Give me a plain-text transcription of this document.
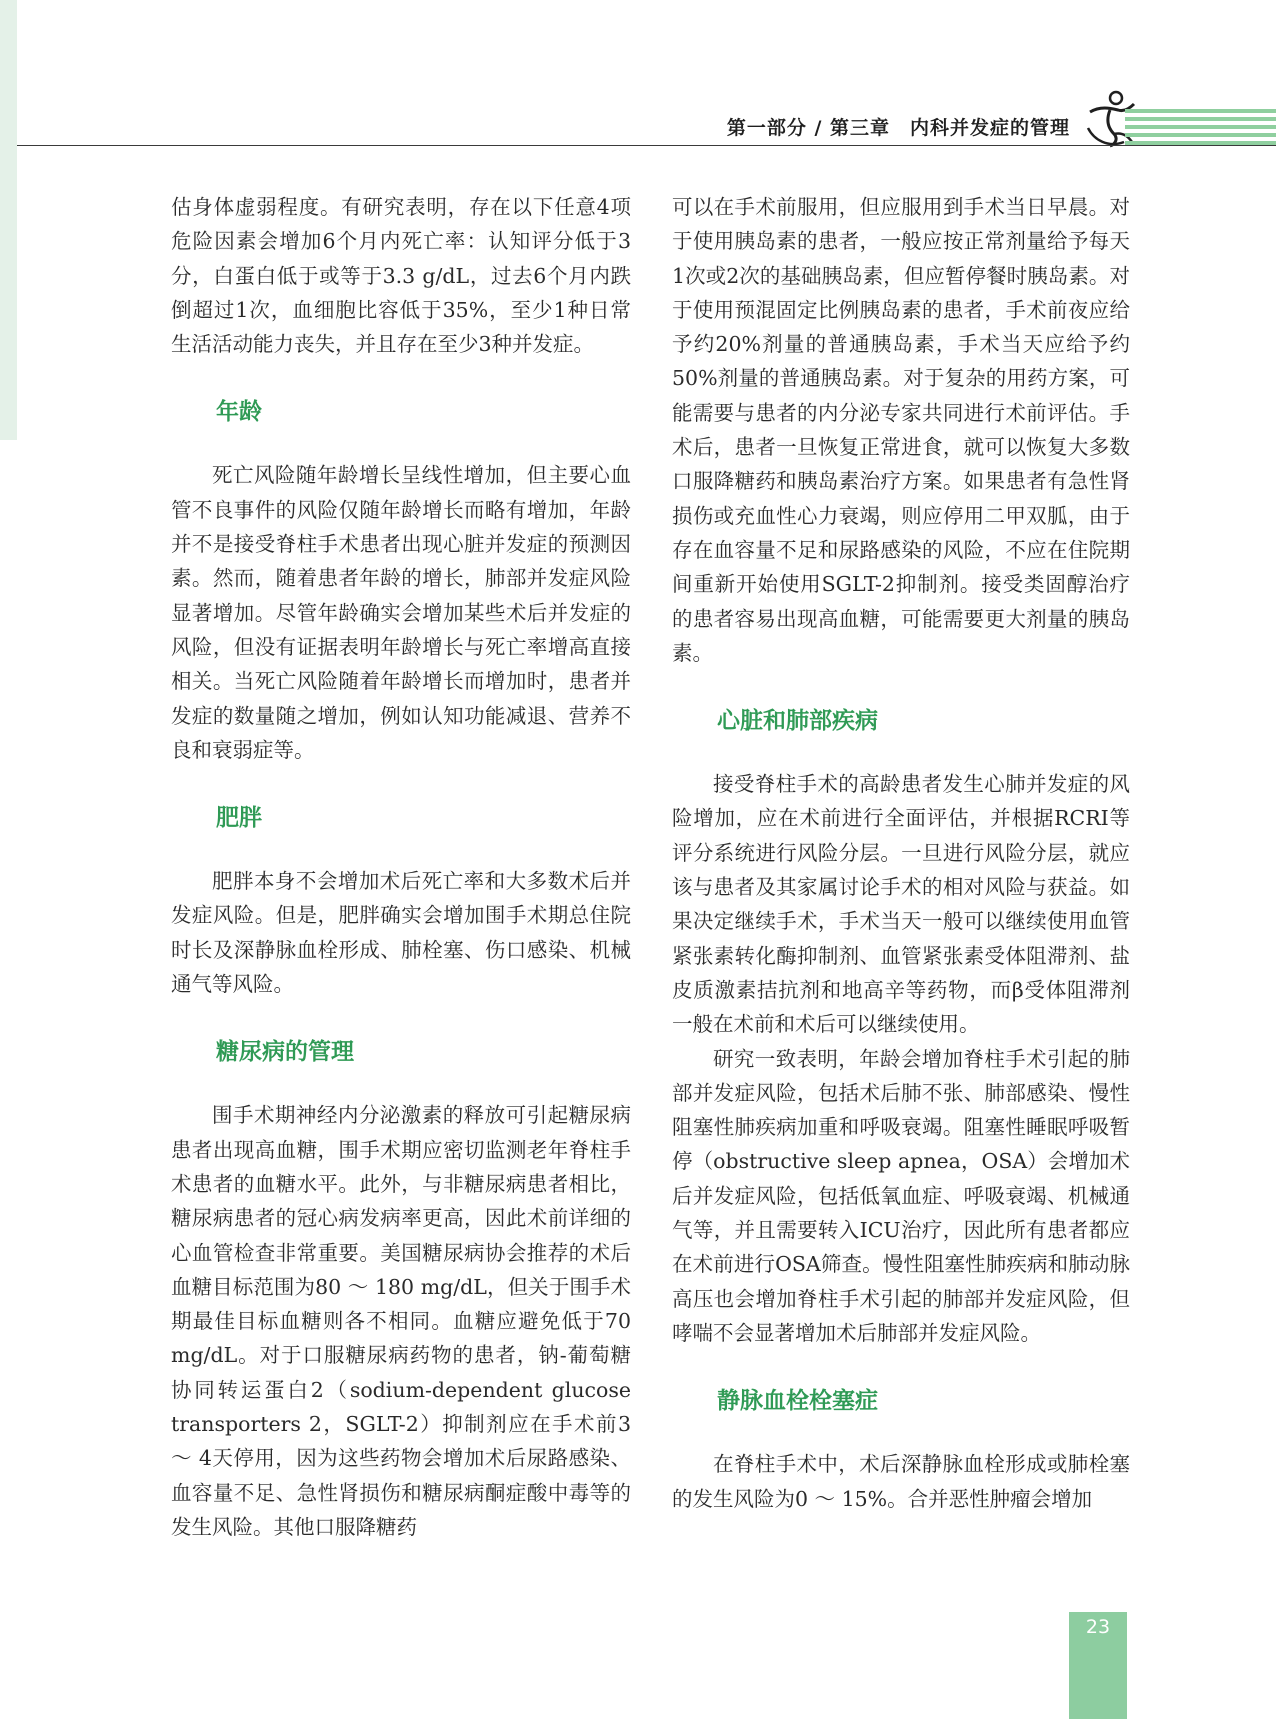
第一部分 / 第三章　内科并发症的管理

估身体虚弱程度。有研究表明，存在以下任意4项危险因素会增加6个月内死亡率：认知评分低于3分，白蛋白低于或等于3.3 g/dL，过去6个月内跌倒超过1次，血细胞比容低于35%，至少1种日常生活活动能力丧失，并且存在至少3种并发症。

年龄

死亡风险随年龄增长呈线性增加，但主要心血管不良事件的风险仅随年龄增长而略有增加，年龄并不是接受脊柱手术患者出现心脏并发症的预测因素。然而，随着患者年龄的增长，肺部并发症风险显著增加。尽管年龄确实会增加某些术后并发症的风险，但没有证据表明年龄增长与死亡率增高直接相关。当死亡风险随着年龄增长而增加时，患者并发症的数量随之增加，例如认知功能减退、营养不良和衰弱症等。

肥胖

肥胖本身不会增加术后死亡率和大多数术后并发症风险。但是，肥胖确实会增加围手术期总住院时长及深静脉血栓形成、肺栓塞、伤口感染、机械通气等风险。

糖尿病的管理

围手术期神经内分泌激素的释放可引起糖尿病患者出现高血糖，围手术期应密切监测老年脊柱手术患者的血糖水平。此外，与非糖尿病患者相比，糖尿病患者的冠心病发病率更高，因此术前详细的心血管检查非常重要。美国糖尿病协会推荐的术后血糖目标范围为80 ～ 180 mg/dL，但关于围手术期最佳目标血糖则各不相同。血糖应避免低于70 mg/dL。对于口服糖尿病药物的患者，钠-葡萄糖协同转运蛋白2（sodium-dependent glucose transporters 2，SGLT-2）抑制剂应在手术前3 ～ 4天停用，因为这些药物会增加术后尿路感染、血容量不足、急性肾损伤和糖尿病酮症酸中毒等的发生风险。其他口服降糖药

可以在手术前服用，但应服用到手术当日早晨。对于使用胰岛素的患者，一般应按正常剂量给予每天1次或2次的基础胰岛素，但应暂停餐时胰岛素。对于使用预混固定比例胰岛素的患者，手术前夜应给予约20%剂量的普通胰岛素，手术当天应给予约50%剂量的普通胰岛素。对于复杂的用药方案，可能需要与患者的内分泌专家共同进行术前评估。手术后，患者一旦恢复正常进食，就可以恢复大多数口服降糖药和胰岛素治疗方案。如果患者有急性肾损伤或充血性心力衰竭，则应停用二甲双胍，由于存在血容量不足和尿路感染的风险，不应在住院期间重新开始使用SGLT-2抑制剂。接受类固醇治疗的患者容易出现高血糖，可能需要更大剂量的胰岛素。

心脏和肺部疾病

接受脊柱手术的高龄患者发生心肺并发症的风险增加，应在术前进行全面评估，并根据RCRI等评分系统进行风险分层。一旦进行风险分层，就应该与患者及其家属讨论手术的相对风险与获益。如果决定继续手术，手术当天一般可以继续使用血管紧张素转化酶抑制剂、血管紧张素受体阻滞剂、盐皮质激素拮抗剂和地高辛等药物，而β受体阻滞剂一般在术前和术后可以继续使用。

研究一致表明，年龄会增加脊柱手术引起的肺部并发症风险，包括术后肺不张、肺部感染、慢性阻塞性肺疾病加重和呼吸衰竭。阻塞性睡眠呼吸暂停（obstructive sleep apnea，OSA）会增加术后并发症风险，包括低氧血症、呼吸衰竭、机械通气等，并且需要转入ICU治疗，因此所有患者都应在术前进行OSA筛查。慢性阻塞性肺疾病和肺动脉高压也会增加脊柱手术引起的肺部并发症风险，但哮喘不会显著增加术后肺部并发症风险。

静脉血栓栓塞症

在脊柱手术中，术后深静脉血栓形成或肺栓塞的发生风险为0 ～ 15%。合并恶性肿瘤会增加

23
